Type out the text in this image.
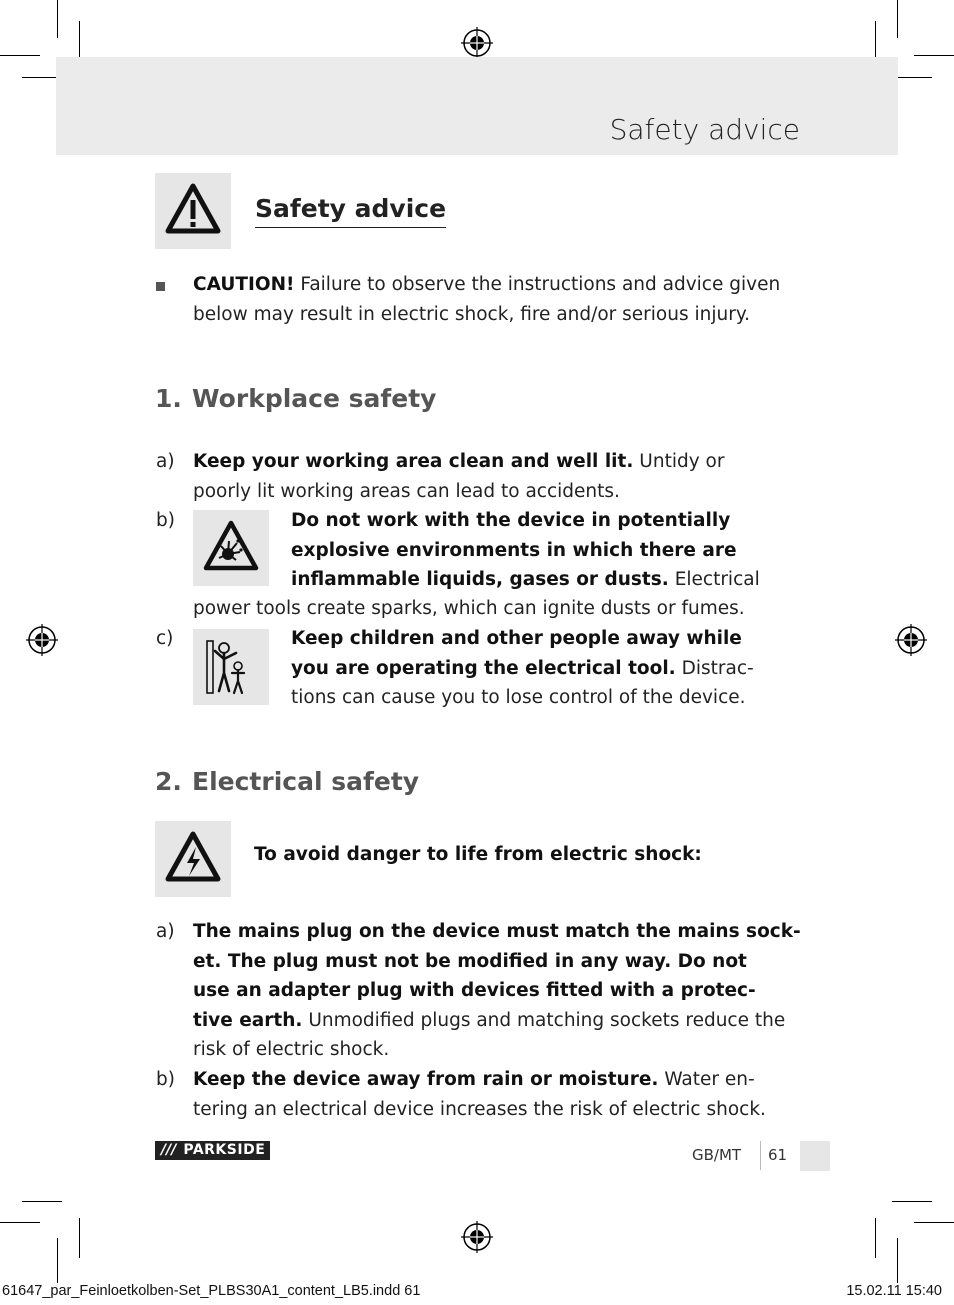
Safety advice
Safety advice
CAUTION! Failure to observe the instructions and advice given
below may result in electric shock, fire and/or serious injury.
1. Workplace safety
a) Keep your working area clean and well lit. Untidy or
poorly lit working areas can lead to accidents.
b)	Do not work with the device in potentially
explosive environments in which there are
inflammable liquids, gases or dusts. Electrical
power tools create sparks, which can ignite dusts or fumes.
c)	Keep children and other people away while
you are operating the electrical tool. Distrac-
tions can cause you to lose control of the device.
2. Electrical safety
To avoid danger to life from electric shock:
a) The mains plug on the device must match the mains sock-
et. The plug must not be modified in any way. Do not
use an adapter plug with devices fitted with a protec-
tive earth. Unmodified plugs and matching sockets reduce the
risk of electric shock.
b) Keep the device away from rain or moisture. Water en-
tering an electrical device increases the risk of electric shock.
/// PARKSIDE	GB/MT 61
61647_par_Feinloetkolben-Set_PLBS30A1_content_LB5.indd 61	15.02.11 15:40
